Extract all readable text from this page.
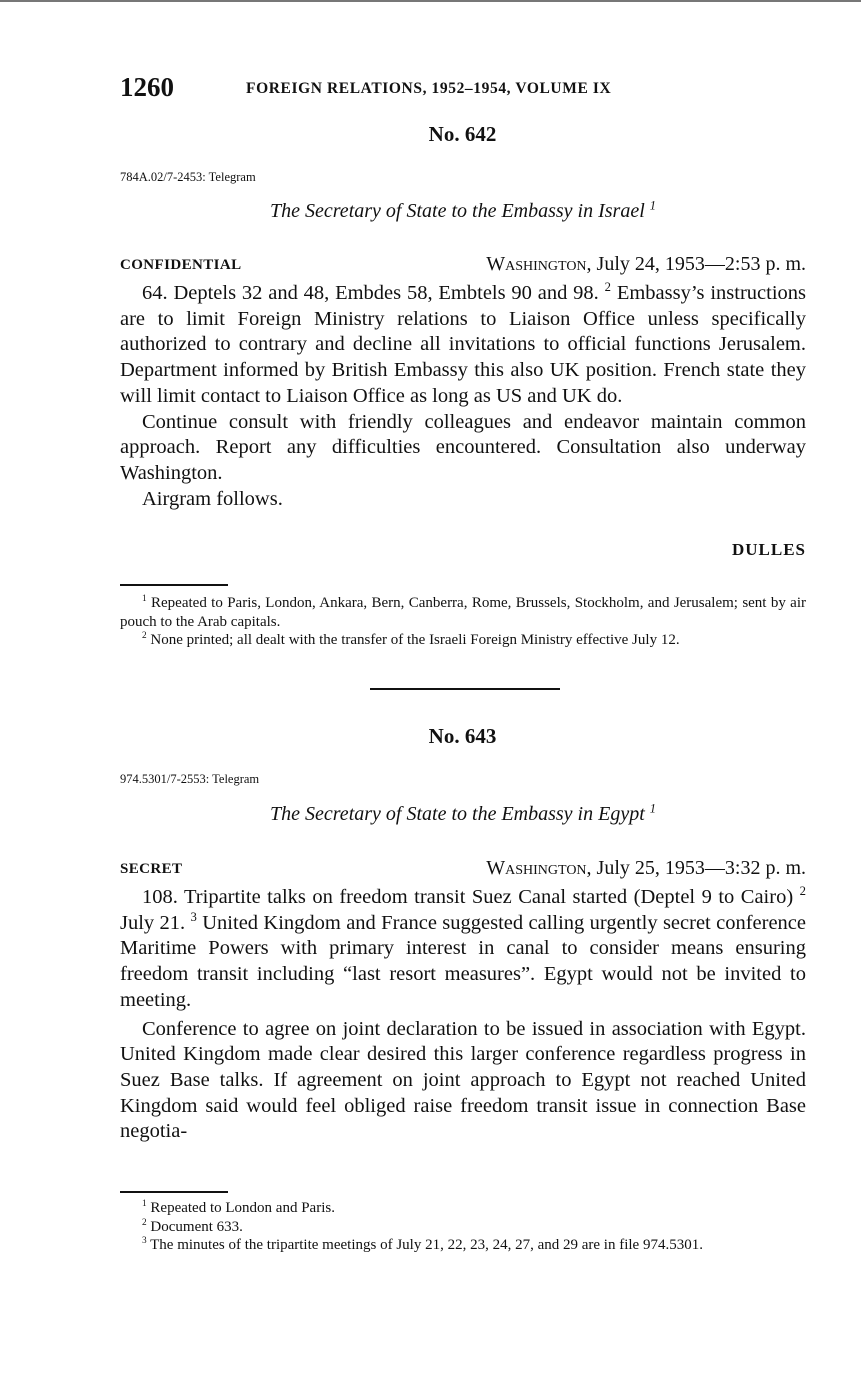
1260	FOREIGN RELATIONS, 1952–1954, VOLUME IX
No. 642
784A.02/7-2453: Telegram
The Secretary of State to the Embassy in Israel $^1$
CONFIDENTIAL	Washington, July 24, 1953—2:53 p. m.

64. Deptels 32 and 48, Embdes 58, Embtels 90 and 98. $^2$ Embassy’s instructions are to limit Foreign Ministry relations to Liaison Office unless specifically authorized to contrary and decline all invitations to official functions Jerusalem. Department informed by British Embassy this also UK position. French state they will limit contact to Liaison Office as long as US and UK do.

Continue consult with friendly colleagues and endeavor maintain common approach. Report any difficulties encountered. Consultation also underway Washington.

Airgram follows.

DULLES

$^1$ Repeated to Paris, London, Ankara, Bern, Canberra, Rome, Brussels, Stockholm, and Jerusalem; sent by air pouch to the Arab capitals.

$^2$ None printed; all dealt with the transfer of the Israeli Foreign Ministry effective July 12.

No. 643
974.5301/7-2553: Telegram
The Secretary of State to the Embassy in Egypt $^1$
SECRET	Washington, July 25, 1953—3:32 p. m.

108. Tripartite talks on freedom transit Suez Canal started (Deptel 9 to Cairo) $^2$ July 21. $^3$ United Kingdom and France suggested calling urgently secret conference Maritime Powers with primary interest in canal to consider means ensuring freedom transit including “last resort measures”. Egypt would not be invited to meeting.

Conference to agree on joint declaration to be issued in association with Egypt. United Kingdom made clear desired this larger conference regardless progress in Suez Base talks. If agreement on joint approach to Egypt not reached United Kingdom said would feel obliged raise freedom transit issue in connection Base negotia-

$^1$ Repeated to London and Paris.

$^2$ Document 633.

$^3$ The minutes of the tripartite meetings of July 21, 22, 23, 24, 27, and 29 are in file 974.5301.
